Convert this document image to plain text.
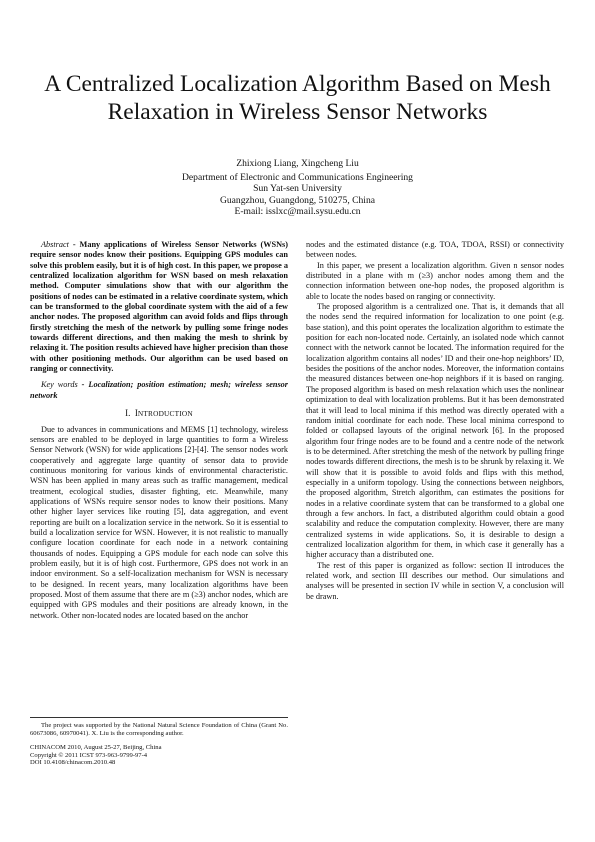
A Centralized Localization Algorithm Based on Mesh
Relaxation in Wireless Sensor Networks
Zhixiong Liang, Xingcheng Liu
Department of Electronic and Communications Engineering
Sun Yat-sen University
Guangzhou, Guangdong, 510275, China
E-mail: isslxc@mail.sysu.edu.cn

Abstract - Many applications of Wireless Sensor Networks (WSNs) require sensor nodes know their positions. Equipping GPS modules can solve this problem easily, but it is of high cost. In this paper, we propose a centralized localization algorithm for WSN based on mesh relaxation method. Computer simulations show that with our algorithm the positions of nodes can be estimated in a relative coordinate system, which can be transformed to the global coordinate system with the aid of a few anchor nodes. The proposed algorithm can avoid folds and flips through firstly stretching the mesh of the network by pulling some fringe nodes towards different directions, and then making the mesh to shrink by relaxing it. The position results achieved have higher precision than those with other positioning methods. Our algorithm can be used based on ranging or connectivity.

Key words - Localization; position estimation; mesh; wireless sensor network

I. INTRODUCTION

Due to advances in communications and MEMS [1] technology, wireless sensors are enabled to be deployed in large quantities to form a Wireless Sensor Network (WSN) for wide applications [2]-[4]. The sensor nodes work cooperatively and aggregate large quantity of sensor data to provide continuous monitoring for various kinds of environmental characteristic. WSN has been applied in many areas such as traffic management, medical treatment, ecological studies, disaster fighting, etc. Meanwhile, many applications of WSNs require sensor nodes to know their positions. Many other higher layer services like routing [5], data aggregation, and event reporting are built on a localization service in the network. So it is essential to build a localization service for WSN. However, it is not realistic to manually configure location coordinate for each node in a network containing thousands of nodes. Equipping a GPS module for each node can solve this problem easily, but it is of high cost. Furthermore, GPS does not work in an indoor environment. So a self-localization mechanism for WSN is necessary to be designed. In recent years, many localization algorithms have been proposed. Most of them assume that there are m (≥3) anchor nodes, which are equipped with GPS modules and their positions are already known, in the network. Other non-located nodes are located based on the anchor

nodes and the estimated distance (e.g. TOA, TDOA, RSSI) or connectivity between nodes.

In this paper, we present a localization algorithm. Given n sensor nodes distributed in a plane with m (≥3) anchor nodes among them and the connection information between one-hop nodes, the proposed algorithm is able to locate the nodes based on ranging or connectivity.

The proposed algorithm is a centralized one. That is, it demands that all the nodes send the required information for localization to one point (e.g. base station), and this point operates the localization algorithm to estimate the position for each non-located node. Certainly, an isolated node which cannot connect with the network cannot be located. The information required for the localization algorithm contains all nodes’ ID and their one-hop neighbors’ ID, besides the positions of the anchor nodes. Moreover, the information contains the measured distances between one-hop neighbors if it is based on ranging. The proposed algorithm is based on mesh relaxation which uses the nonlinear optimization to deal with localization problems. But it has been demonstrated that it will lead to local minima if this method was directly operated with a random initial coordinate for each node. These local minima correspond to folded or collapsed layouts of the original network [6]. In the proposed algorithm four fringe nodes are to be found and a centre node of the network is to be determined. After stretching the mesh of the network by pulling fringe nodes towards different directions, the mesh is to be shrunk by relaxing it. We will show that it is possible to avoid folds and flips with this method, especially in a uniform topology. Using the connections between neighbors, the proposed algorithm, Stretch algorithm, can estimates the positions for nodes in a relative coordinate system that can be transformed to a global one through a few anchors. In fact, a distributed algorithm could obtain a good scalability and reduce the computation complexity. However, there are many centralized systems in wide applications. So, it is desirable to design a centralized localization algorithm for them, in which case it generally has a higher accuracy than a distributed one.

The rest of this paper is organized as follow: section II introduces the related work, and section III describes our method. Our simulations and analyses will be presented in section IV while in section V, a conclusion will be drawn.

The project was supported by the National Natural Science Foundation of China (Grant No. 60673086, 60970041). X. Liu is the corresponding author.
CHINACOM 2010, August 25-27, Beijing, China
Copyright © 2011 ICST 973-963-9799-97-4
DOI 10.4108/chinacom.2010.48
